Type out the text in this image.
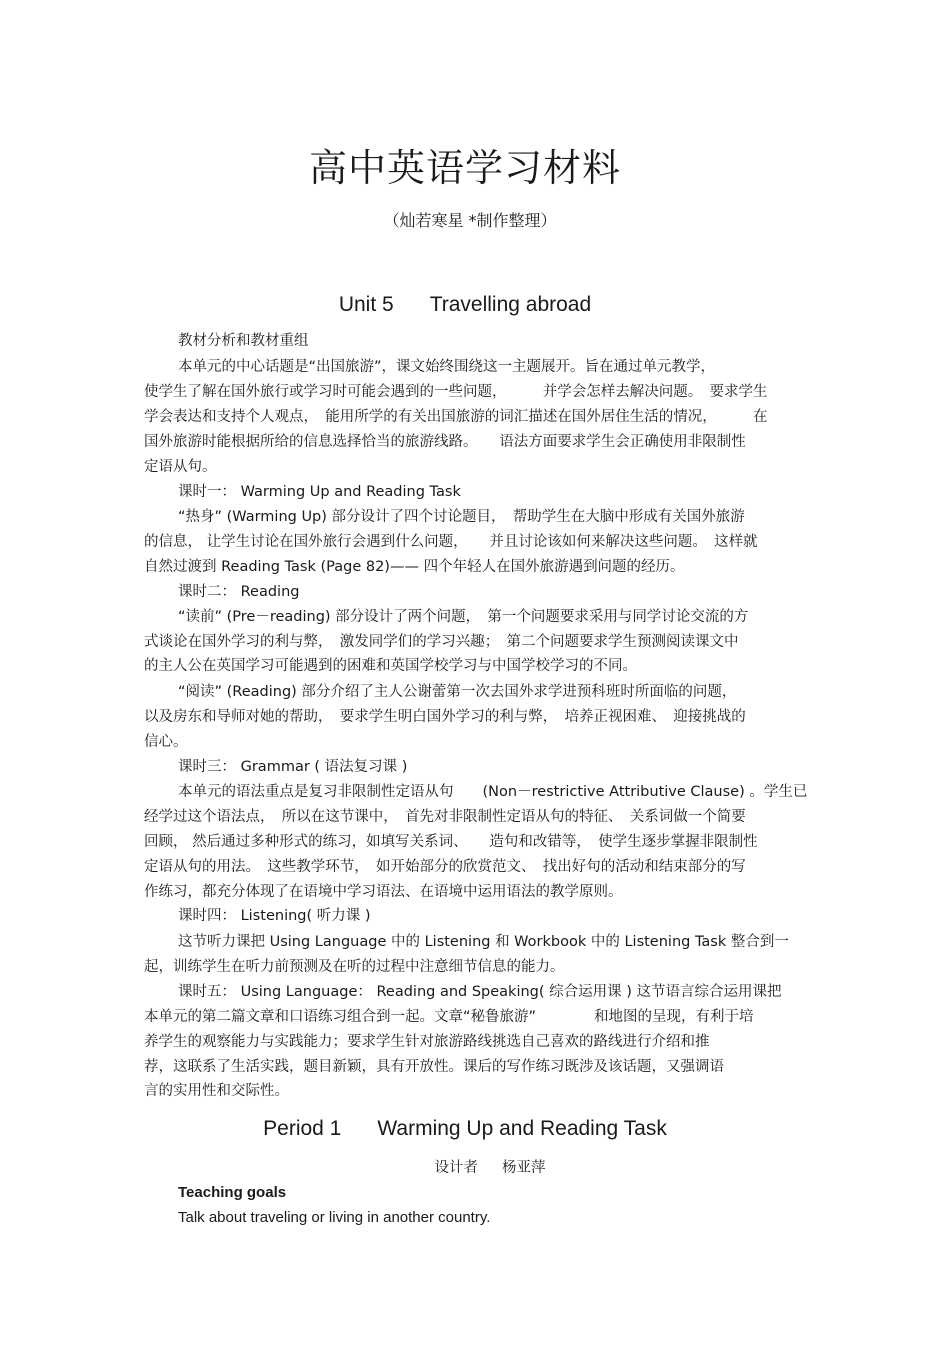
高中英语学习材料
（灿若寒星 *制作整理）
Unit 5 Travelling abroad
教材分析和教材重组
本单元的中心话题是“出国旅游”，课文始终围绕这一主题展开。旨在通过单元教学，
使学生了解在国外旅行或学习时可能会遇到的一些问题，　　　并学会怎样去解决问题。　要求学生
学会表达和支持个人观点，　能用所学的有关出国旅游的词汇描述在国外居住生活的情况，　　　在
国外旅游时能根据所给的信息选择恰当的旅游线路。　　语法方面要求学生会正确使用非限制性
定语从句。
课时一： Warming Up and Reading Task
“热身” (Warming Up) 部分设计了四个讨论题目，　帮助学生在大脑中形成有关国外旅游
的信息， 让学生讨论在国外旅行会遇到什么问题，　　并且讨论该如何来解决这些问题。　这样就
自然过渡到 Reading Task (Page 82)—— 四个年轻人在国外旅游遇到问题的经历。
课时二： Reading
“读前” (Pre－reading) 部分设计了两个问题，　第一个问题要求采用与同学讨论交流的方
式谈论在国外学习的利与弊，　激发同学们的学习兴趣；　第二个问题要求学生预测阅读课文中
的主人公在英国学习可能遇到的困难和英国学校学习与中国学校学习的不同。
“阅读” (Reading) 部分介绍了主人公谢蕾第一次去国外求学进预科班时所面临的问题，
以及房东和导师对她的帮助，　要求学生明白国外学习的利与弊，　培养正视困难、　迎接挑战的
信心。
课时三： Grammar ( 语法复习课 )
本单元的语法重点是复习非限制性定语从句　　(Non－restrictive Attributive Clause) 。学生已
经学过这个语法点，　所以在这节课中，　首先对非限制性定语从句的特征、　关系词做一个简要
回顾， 然后通过多种形式的练习，如填写关系词、　　造句和改错等，　使学生逐步掌握非限制性
定语从句的用法。　这些教学环节，　如开始部分的欣赏范文、　找出好句的活动和结束部分的写
作练习，都充分体现了在语境中学习语法、在语境中运用语法的教学原则。
课时四： Listening( 听力课 )
这节听力课把 Using Language 中的 Listening 和 Workbook 中的 Listening Task 整合到一
起，训练学生在听力前预测及在听的过程中注意细节信息的能力。
课时五： Using Language： Reading and Speaking( 综合运用课 ) 这节语言综合运用课把
本单元的第二篇文章和口语练习组合到一起。文章“秘鲁旅游”　　　　和地图的呈现，有利于培
养学生的观察能力与实践能力；要求学生针对旅游路线挑选自己喜欢的路线进行介绍和推
荐，这联系了生活实践，题目新颖，具有开放性。课后的写作练习既涉及该话题，又强调语
言的实用性和交际性。
Period 1 Warming Up and Reading Task
设计者 杨亚萍
Teaching goals
Talk about traveling or living in another country.
